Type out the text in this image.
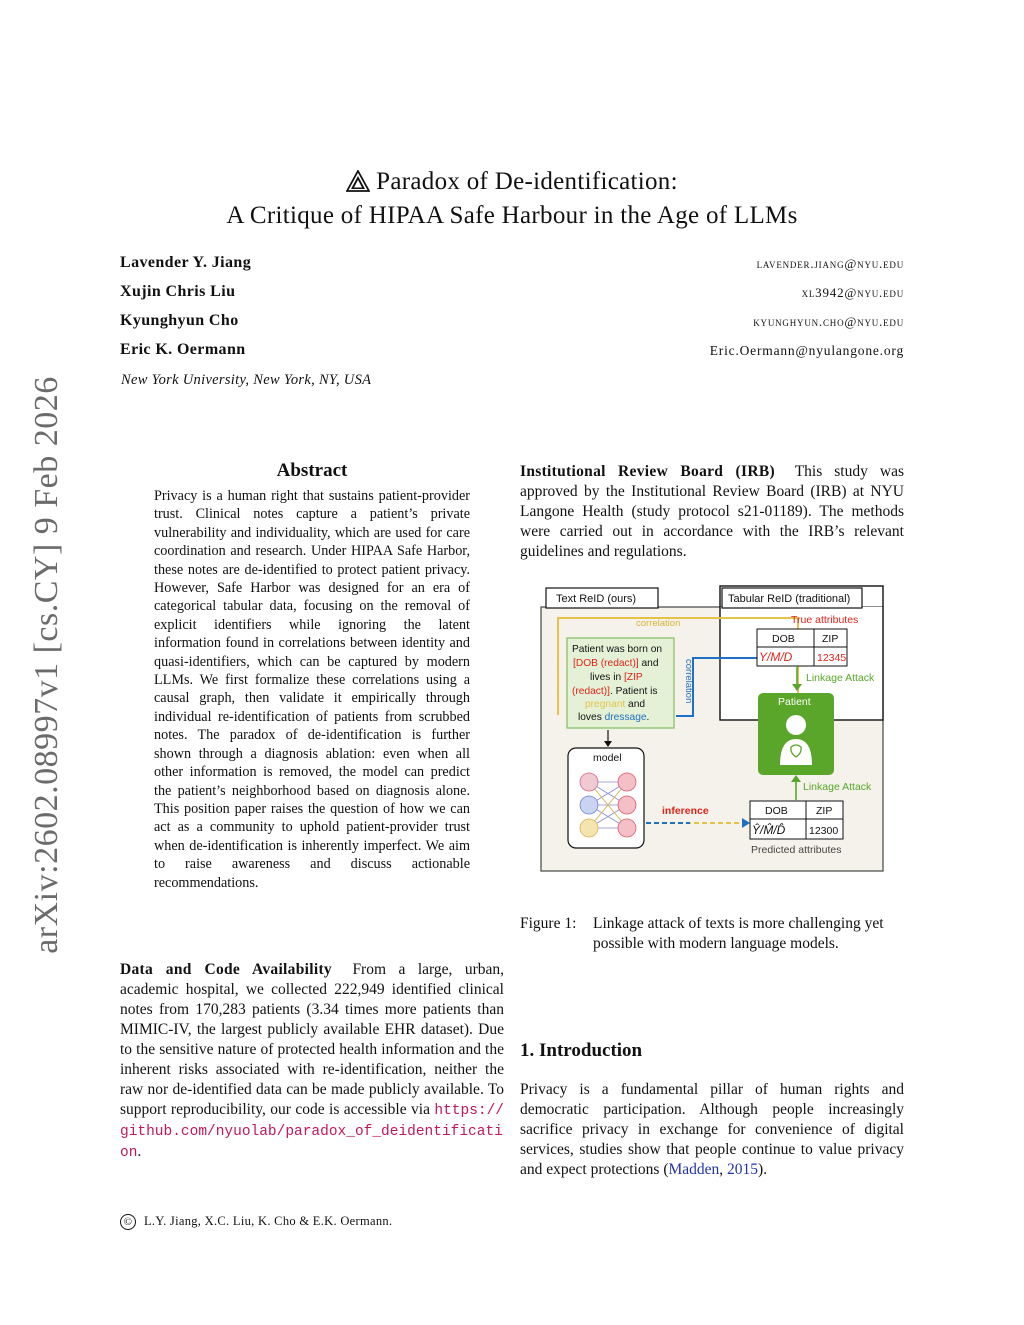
arXiv:2602.08997v1 [cs.CY] 9 Feb 2026
Paradox of De-identification:
A Critique of HIPAA Safe Harbour in the Age of LLMs
Lavender Y. Jiang	lavender.jiang@nyu.edu
Xujin Chris Liu	xl3942@nyu.edu
Kyunghyun Cho	kyunghyun.cho@nyu.edu
Eric K. Oermann	Eric.Oermann@nyulangone.org
New York University, New York, NY, USA
Abstract
Privacy is a human right that sustains patient-provider trust. Clinical notes capture a patient’s private vulnerability and individuality, which are used for care coordination and research. Under HIPAA Safe Harbor, these notes are de-identified to protect patient privacy. However, Safe Harbor was designed for an era of categorical tabular data, focusing on the removal of explicit identifiers while ignoring the latent information found in correlations between identity and quasi-identifiers, which can be captured by modern LLMs. We first formalize these correlations using a causal graph, then validate it empirically through individual re-identification of patients from scrubbed notes. The paradox of de-identification is further shown through a diagnosis ablation: even when all other information is removed, the model can predict the patient’s neighborhood based on diagnosis alone. This position paper raises the question of how we can act as a community to uphold patient-provider trust when de-identification is inherently imperfect. We aim to raise awareness and discuss actionable recommendations.
Data and Code Availability From a large, urban, academic hospital, we collected 222,949 identified clinical notes from 170,283 patients (3.34 times more patients than MIMIC-IV, the largest publicly available EHR dataset). Due to the sensitive nature of protected health information and the inherent risks associated with re-identification, neither the raw nor de-identified data can be made publicly available. To support reproducibility, our code is accessible via https://github.com/nyuolab/paradox_of_deidentification.
Institutional Review Board (IRB) This study was approved by the Institutional Review Board (IRB) at NYU Langone Health (study protocol s21-01189). The methods were carried out in accordance with the IRB’s relevant guidelines and regulations.
Text ReID (ours)	Tabular ReID (traditional)
correlation
Patient was born on [DOB (redact)] and lives in [ZIP (redact)]. Patient is pregnant and loves dressage.
correlation
True attributes
DOB	ZIP
Y/M/D 12345
Linkage Attack
Patient
Linkage Attack
model
inference	DOB	ZIP
Ŷ/M̂/D̂ 12300
Predicted attributes
Figure 1: Linkage attack of texts is more challenging yet possible with modern language models.
1. Introduction
Privacy is a fundamental pillar of human rights and democratic participation. Although people increasingly sacrifice privacy in exchange for convenience of digital services, studies show that people continue to value privacy and expect protections (Madden, 2015).
© L.Y. Jiang, X.C. Liu, K. Cho & E.K. Oermann.
